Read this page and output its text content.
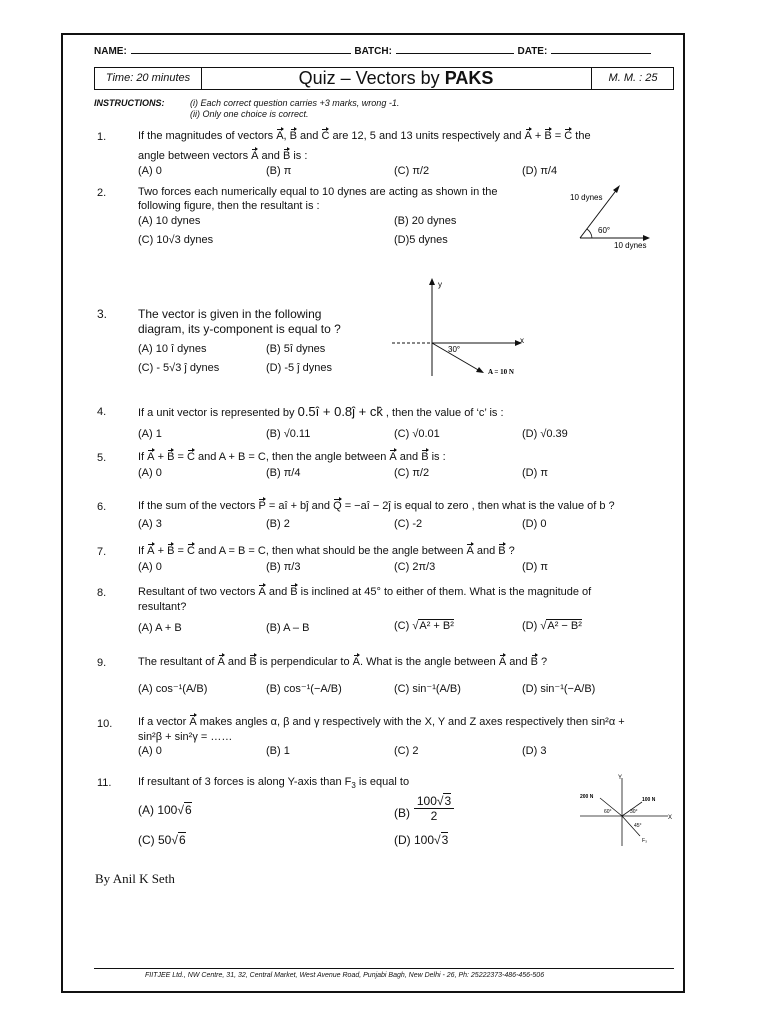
NAME:	BATCH:	DATE:
Time: 20 minutes	Quiz – Vectors by PAKS	M. M. : 25
INSTRUCTIONS:	(i) Each correct question carries +3 marks, wrong -1.
(ii) Only one choice is correct.
1.	If the magnitudes of vectors A, B and C are 12, 5 and 13 units respectively and A + B = C the
angle between vectors A and B is :
(A) 0	(B) π	(C) π/2	(D) π/4
2.	Two forces each numerically equal to 10 dynes are acting as shown in the
following figure, then the resultant is :
(A) 10 dynes	(B) 20 dynes
(C) 10√3 dynes	(D)5 dynes
10 dynes
10 dynes
60°
3.	The vector is given in the following
diagram, its y-component is equal to ?
(A) 10 î dynes	(B) 5î dynes
(C) - 5√3 ĵ dynes	(D) -5 ĵ dynes
y
x
30°
A = 10 N
4.	If a unit vector is represented by 0.5î + 0.8ĵ + ck̂ , then the value of ‘c’ is :
(A) 1	(B) √0.11	(C) √0.01	(D) √0.39
5.	If A + B = C and A + B = C, then the angle between A and B is :
(A) 0	(B) π/4	(C) π/2	(D) π
6.	If the sum of the vectors P = aî + bĵ and Q = −aî − 2ĵ is equal to zero , then what is the value of b ?
(A) 3	(B) 2	(C) -2	(D) 0
7.	If A + B = C and A = B = C, then what should be the angle between A and B ?
(A) 0	(B) π/3	(C) 2π/3	(D) π
8.	Resultant of two vectors A and B is inclined at 45° to either of them. What is the magnitude of
resultant?
(A) A + B	(B) A – B	(C) √A² + B²	(D) √A² − B²
9.	The resultant of A and B is perpendicular to A. What is the angle between A and B ?
(A) cos⁻¹(A/B)	(B) cos⁻¹(−A/B)	(C) sin⁻¹(A/B)	(D) sin⁻¹(−A/B)
10. If a vector A makes angles α, β and γ respectively with the X, Y and Z axes respectively then sin²α +
sin²β + sin²γ = ……
(A) 0	(B) 1	(C) 2	(D) 3
11. If resultant of 3 forces is along Y-axis than $F_3$ is equal to
(A) 100√6	(B)
100√3
2
(C) 50√6	(D) 100√3
Y
X
200 N	100 N
60°	30°
45°
F₃
By Anil K Seth
FIITJEE Ltd., NW Centre, 31, 32, Central Market, West Avenue Road, Punjabi Bagh, New Delhi - 26, Ph: 25222373-486-456-506
